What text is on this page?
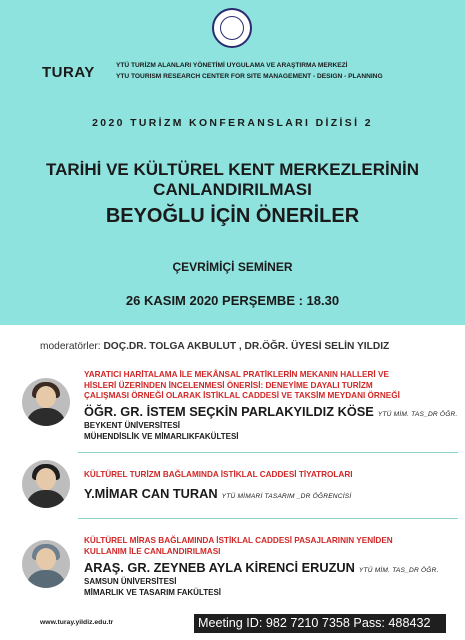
TURAY	YTÜ TURİZM ALANLARI YÖNETİMİ UYGULAMA VE ARAŞTIRMA MERKEZİ
YTU TOURISM RESEARCH CENTER FOR SITE MANAGEMENT - DESIGN - PLANNING
2020 TURİZM KONFERANSLARI DİZİSİ 2
TARİHİ VE KÜLTÜREL KENT MERKEZLERİNİN
CANLANDIRILMASI
BEYOĞLU İÇİN ÖNERİLER
ÇEVRİMİÇİ SEMİNER
26 KASIM 2020 PERŞEMBE : 18.30
moderatörler: DOÇ.DR. TOLGA AKBULUT , DR.ÖĞR. ÜYESİ SELİN YILDIZ
YARATICI HARİTALAMA İLE MEKÂNSAL PRATİKLERİN MEKANIN HALLERİ VE
HİSLERİ ÜZERİNDEN İNCELENMESİ ÖNERİSİ: DENEYİME DAYALI TURİZM
ÇALIŞMASI ÖRNEĞİ OLARAK İSTİKLAL CADDESİ VE TAKSİM MEYDANI ÖRNEĞİ
ÖĞR. GR. İSTEM SEÇKİN PARLAKYILDIZ KÖSE YTÜ MİM. TAS_DR ÖĞR.
BEYKENT ÜNİVERSİTESİ
MÜHENDİSLİK VE MİMARLIKFAKÜLTESİ
KÜLTÜREL TURİZM BAĞLAMINDA İSTİKLAL CADDESİ TİYATROLARI
Y.MİMAR CAN TURAN YTÜ MİMARİ TASARIM _DR ÖĞRENCİSİ
KÜLTÜREL MİRAS BAĞLAMINDA İSTİKLAL CADDESİ PASAJLARININ YENİDEN
KULLANIM İLE CANLANDIRILMASI
ARAŞ. GR. ZEYNEB AYLA KİRENCİ ERUZUN YTÜ MİM. TAS_DR ÖĞR.
SAMSUN ÜNİVERSİTESİ
MİMARLIK VE TASARIM FAKÜLTESİ
www.turay.yildiz.edu.tr	Meeting ID: 982 7210 7358 Pass: 488432
